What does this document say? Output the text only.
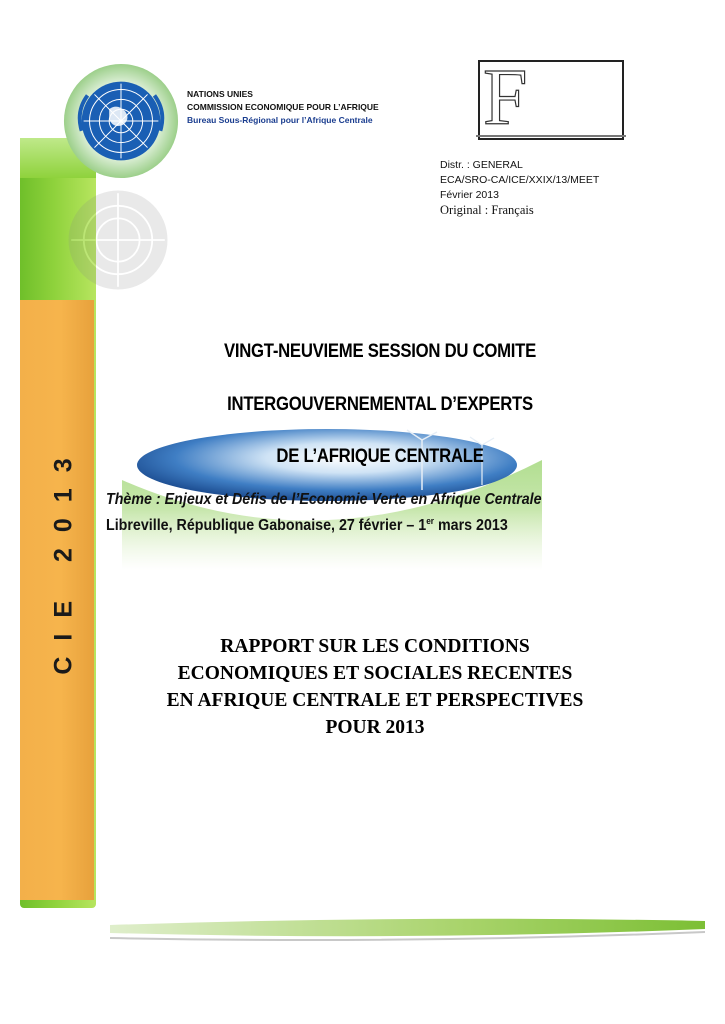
CIE 2013
NATIONS UNIES
COMMISSION ECONOMIQUE POUR L’AFRIQUE
Bureau Sous-Régional pour l’Afrique Centrale F
Distr. : GENERAL
ECA/SRO-CA/ICE/XXIX/13/MEET
Février 2013
Original : Français
VINGT-NEUVIEME SESSION DU COMITE
INTERGOUVERNEMENTAL D’EXPERTS
DE L’AFRIQUE CENTRALE
Thème : Enjeux et Défis de l’Economie Verte en Afrique Centrale
Libreville, République Gabonaise, 27 février – 1er mars 2013
RAPPORT SUR LES CONDITIONS
ECONOMIQUES ET SOCIALES RECENTES
EN AFRIQUE CENTRALE ET PERSPECTIVES
POUR 2013
